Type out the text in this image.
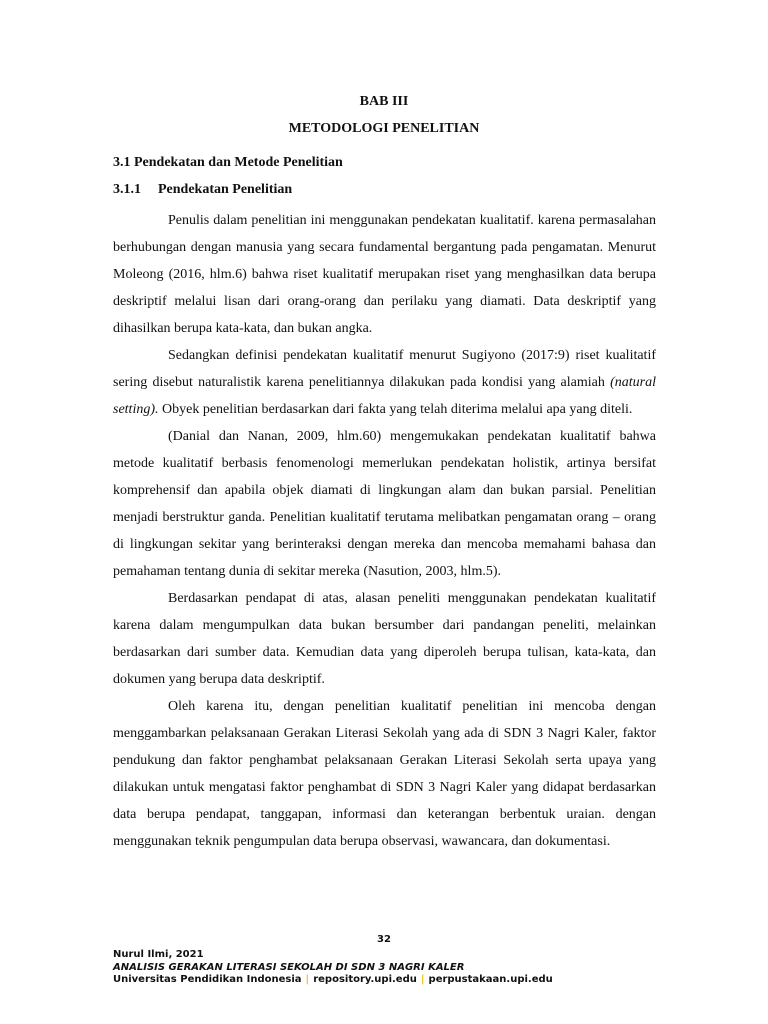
BAB III
METODOLOGI PENELITIAN
3.1 Pendekatan dan Metode Penelitian
3.1.1 Pendekatan Penelitian

Penulis dalam penelitian ini menggunakan pendekatan kualitatif. karena permasalahan berhubungan dengan manusia yang secara fundamental bergantung pada pengamatan. Menurut Moleong (2016, hlm.6) bahwa riset kualitatif merupakan riset yang menghasilkan data berupa deskriptif melalui lisan dari orang-orang dan perilaku yang diamati. Data deskriptif yang dihasilkan berupa kata-kata, dan bukan angka.

Sedangkan definisi pendekatan kualitatif menurut Sugiyono (2017:9) riset kualitatif sering disebut naturalistik karena penelitiannya dilakukan pada kondisi yang alamiah (natural setting). Obyek penelitian berdasarkan dari fakta yang telah diterima melalui apa yang diteli.

(Danial dan Nanan, 2009, hlm.60) mengemukakan pendekatan kualitatif bahwa metode kualitatif berbasis fenomenologi memerlukan pendekatan holistik, artinya bersifat komprehensif dan apabila objek diamati di lingkungan alam dan bukan parsial. Penelitian menjadi berstruktur ganda. Penelitian kualitatif terutama melibatkan pengamatan orang – orang di lingkungan sekitar yang berinteraksi dengan mereka dan mencoba memahami bahasa dan pemahaman tentang dunia di sekitar mereka (Nasution, 2003, hlm.5).

Berdasarkan pendapat di atas, alasan peneliti menggunakan pendekatan kualitatif karena dalam mengumpulkan data bukan bersumber dari pandangan peneliti, melainkan berdasarkan dari sumber data. Kemudian data yang diperoleh berupa tulisan, kata-kata, dan dokumen yang berupa data deskriptif.

Oleh karena itu, dengan penelitian kualitatif penelitian ini mencoba dengan menggambarkan pelaksanaan Gerakan Literasi Sekolah yang ada di SDN 3 Nagri Kaler, faktor pendukung dan faktor penghambat pelaksanaan Gerakan Literasi Sekolah serta upaya yang dilakukan untuk mengatasi faktor penghambat di SDN 3 Nagri Kaler yang didapat berdasarkan data berupa pendapat, tanggapan, informasi dan keterangan berbentuk uraian. dengan menggunakan teknik pengumpulan data berupa observasi, wawancara, dan dokumentasi.

32
Nurul Ilmi, 2021
ANALISIS GERAKAN LITERASI SEKOLAH DI SDN 3 NAGRI KALER
Universitas Pendidikan Indonesia | repository.upi.edu | perpustakaan.upi.edu
